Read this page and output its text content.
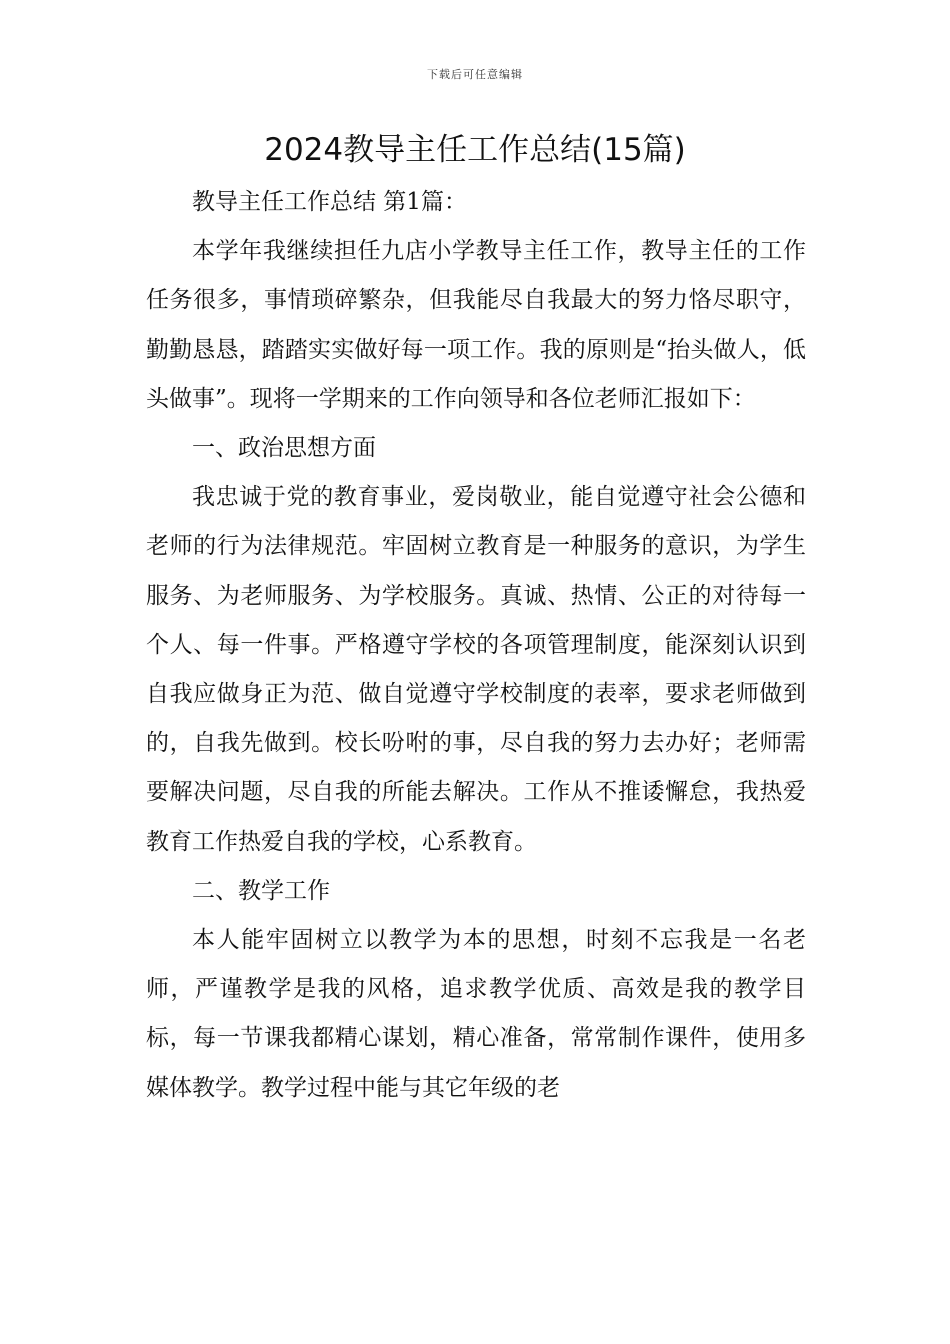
下载后可任意编辑
2024教导主任工作总结(15篇)

教导主任工作总结 第1篇：

本学年我继续担任九店小学教导主任工作，教导主任的工作任务很多，事情琐碎繁杂，但我能尽自我最大的努力恪尽职守，勤勤恳恳，踏踏实实做好每一项工作。我的原则是“抬头做人，低头做事”。现将一学期来的工作向领导和各位老师汇报如下：

一、政治思想方面

我忠诚于党的教育事业，爱岗敬业，能自觉遵守社会公德和老师的行为法律规范。牢固树立教育是一种服务的意识，为学生服务、为老师服务、为学校服务。真诚、热情、公正的对待每一个人、每一件事。严格遵守学校的各项管理制度，能深刻认识到自我应做身正为范、做自觉遵守学校制度的表率，要求老师做到的，自我先做到。校长吩咐的事，尽自我的努力去办好；老师需要解决问题，尽自我的所能去解决。工作从不推诿懈怠，我热爱教育工作热爱自我的学校，心系教育。

二、教学工作

本人能牢固树立以教学为本的思想，时刻不忘我是一名老师，严谨教学是我的风格，追求教学优质、高效是我的教学目标，每一节课我都精心谋划，精心准备，常常制作课件，使用多媒体教学。教学过程中能与其它年级的老
